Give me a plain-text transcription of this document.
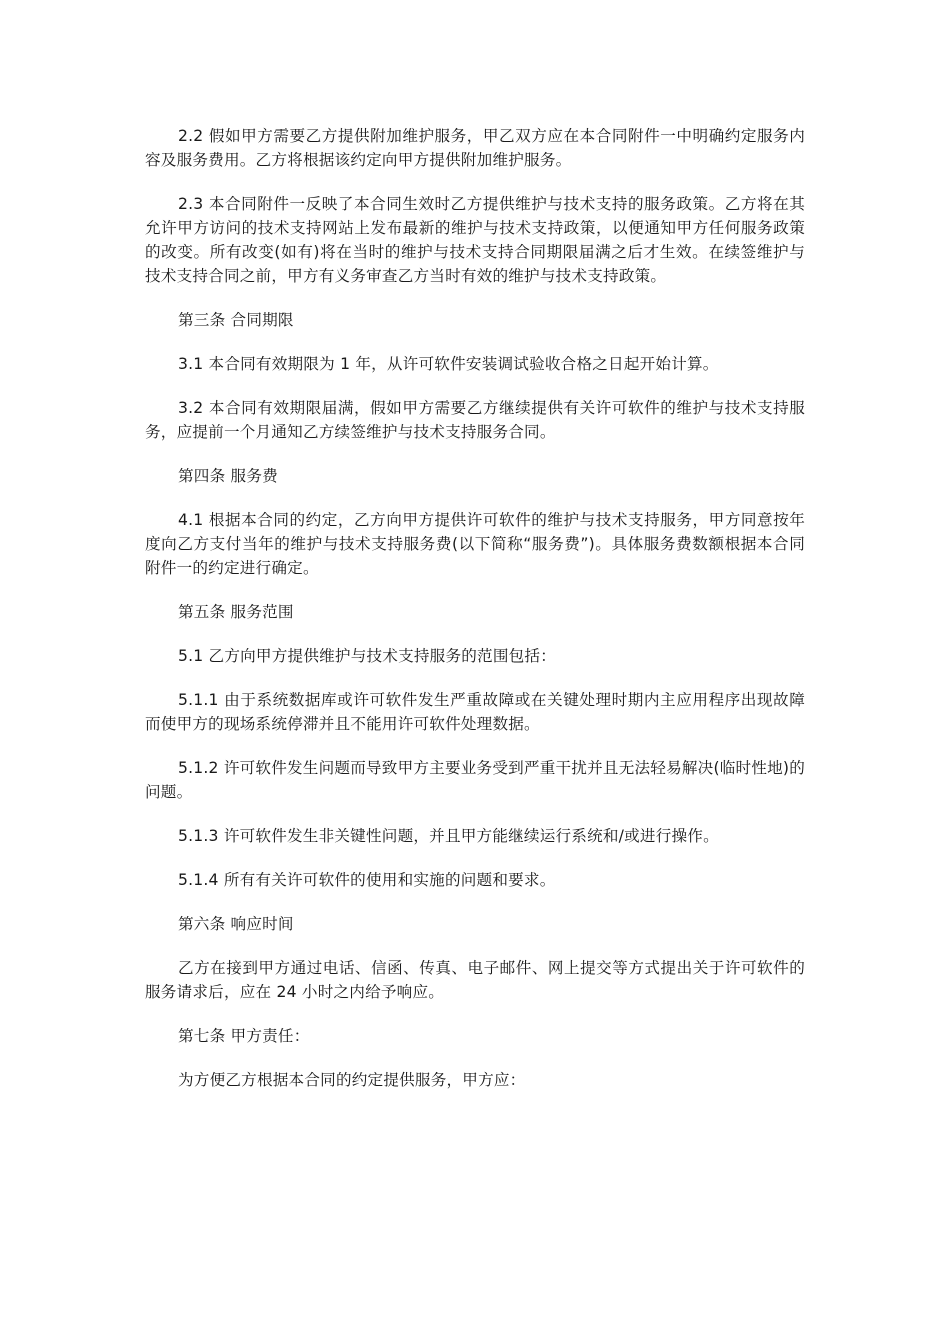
2.2 假如甲方需要乙方提供附加维护服务，甲乙双方应在本合同附件一中明确约定服务内容及服务费用。乙方将根据该约定向甲方提供附加维护服务。

2.3 本合同附件一反映了本合同生效时乙方提供维护与技术支持的服务政策。乙方将在其允许甲方访问的技术支持网站上发布最新的维护与技术支持政策，以便通知甲方任何服务政策的改变。所有改变(如有)将在当时的维护与技术支持合同期限届满之后才生效。在续签维护与技术支持合同之前，甲方有义务审查乙方当时有效的维护与技术支持政策。

第三条 合同期限

3.1 本合同有效期限为 1 年，从许可软件安装调试验收合格之日起开始计算。

3.2 本合同有效期限届满，假如甲方需要乙方继续提供有关许可软件的维护与技术支持服务，应提前一个月通知乙方续签维护与技术支持服务合同。

第四条 服务费

4.1 根据本合同的约定，乙方向甲方提供许可软件的维护与技术支持服务，甲方同意按年度向乙方支付当年的维护与技术支持服务费(以下简称“服务费”)。具体服务费数额根据本合同附件一的约定进行确定。

第五条 服务范围

5.1 乙方向甲方提供维护与技术支持服务的范围包括：

5.1.1 由于系统数据库或许可软件发生严重故障或在关键处理时期内主应用程序出现故障而使甲方的现场系统停滞并且不能用许可软件处理数据。

5.1.2 许可软件发生问题而导致甲方主要业务受到严重干扰并且无法轻易解决(临时性地)的问题。

5.1.3 许可软件发生非关键性问题，并且甲方能继续运行系统和/或进行操作。

5.1.4 所有有关许可软件的使用和实施的问题和要求。

第六条 响应时间

乙方在接到甲方通过电话、信函、传真、电子邮件、网上提交等方式提出关于许可软件的服务请求后，应在 24 小时之内给予响应。

第七条 甲方责任：

为方便乙方根据本合同的约定提供服务，甲方应：
